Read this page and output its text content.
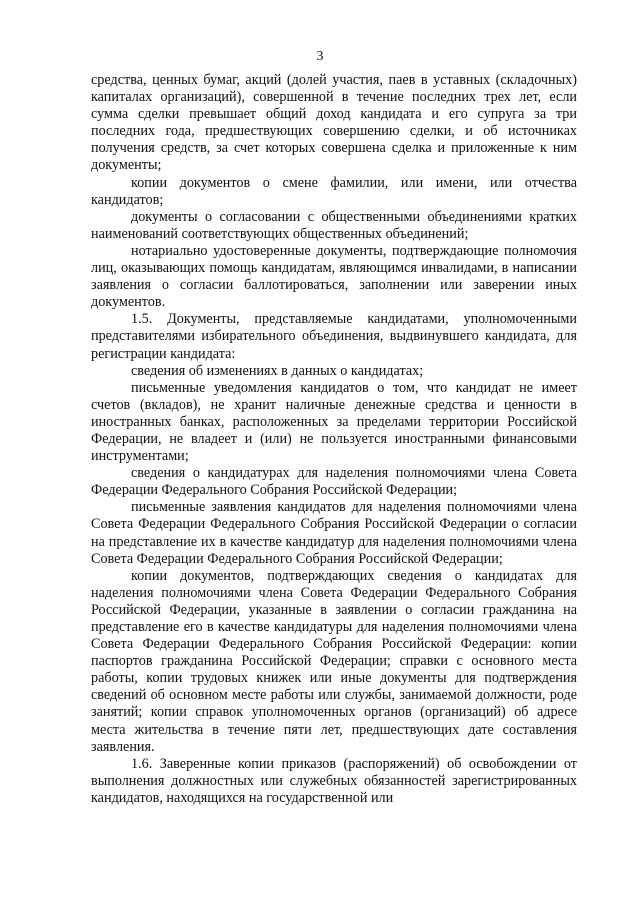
3

средства, ценных бумаг, акций (долей участия, паев в уставных (складочных) капиталах организаций), совершенной в течение последних трех лет, если сумма сделки превышает общий доход кандидата и его супруга за три последних года, предшествующих совершению сделки, и об источниках получения средств, за счет которых совершена сделка и приложенные к ним документы;

копии документов о смене фамилии, или имени, или отчества кандидатов;

документы о согласовании с общественными объединениями кратких наименований соответствующих общественных объединений;

нотариально удостоверенные документы, подтверждающие полномочия лиц, оказывающих помощь кандидатам, являющимся инвалидами, в написании заявления о согласии баллотироваться, заполнении или заверении иных документов.

1.5. Документы, представляемые кандидатами, уполномоченными представителями избирательного объединения, выдвинувшего кандидата, для регистрации кандидата:

сведения об изменениях в данных о кандидатах;

письменные уведомления кандидатов о том, что кандидат не имеет счетов (вкладов), не хранит наличные денежные средства и ценности в иностранных банках, расположенных за пределами территории Российской Федерации, не владеет и (или) не пользуется иностранными финансовыми инструментами;

сведения о кандидатурах для наделения полномочиями члена Совета Федерации Федерального Собрания Российской Федерации;

письменные заявления кандидатов для наделения полномочиями члена Совета Федерации Федерального Собрания Российской Федерации о согласии на представление их в качестве кандидатур для наделения полномочиями члена Совета Федерации Федерального Собрания Российской Федерации;

копии документов, подтверждающих сведения о кандидатах для наделения полномочиями члена Совета Федерации Федерального Собрания Российской Федерации, указанные в заявлении о согласии гражданина на представление его в качестве кандидатуры для наделения полномочиями члена Совета Федерации Федерального Собрания Российской Федерации: копии паспортов гражданина Российской Федерации; справки с основного места работы, копии трудовых книжек или иные документы для подтверждения сведений об основном месте работы или службы, занимаемой должности, роде занятий; копии справок уполномоченных органов (организаций) об адресе места жительства в течение пяти лет, предшествующих дате составления заявления.

1.6. Заверенные копии приказов (распоряжений) об освобождении от выполнения должностных или служебных обязанностей зарегистрированных кандидатов, находящихся на государственной или
